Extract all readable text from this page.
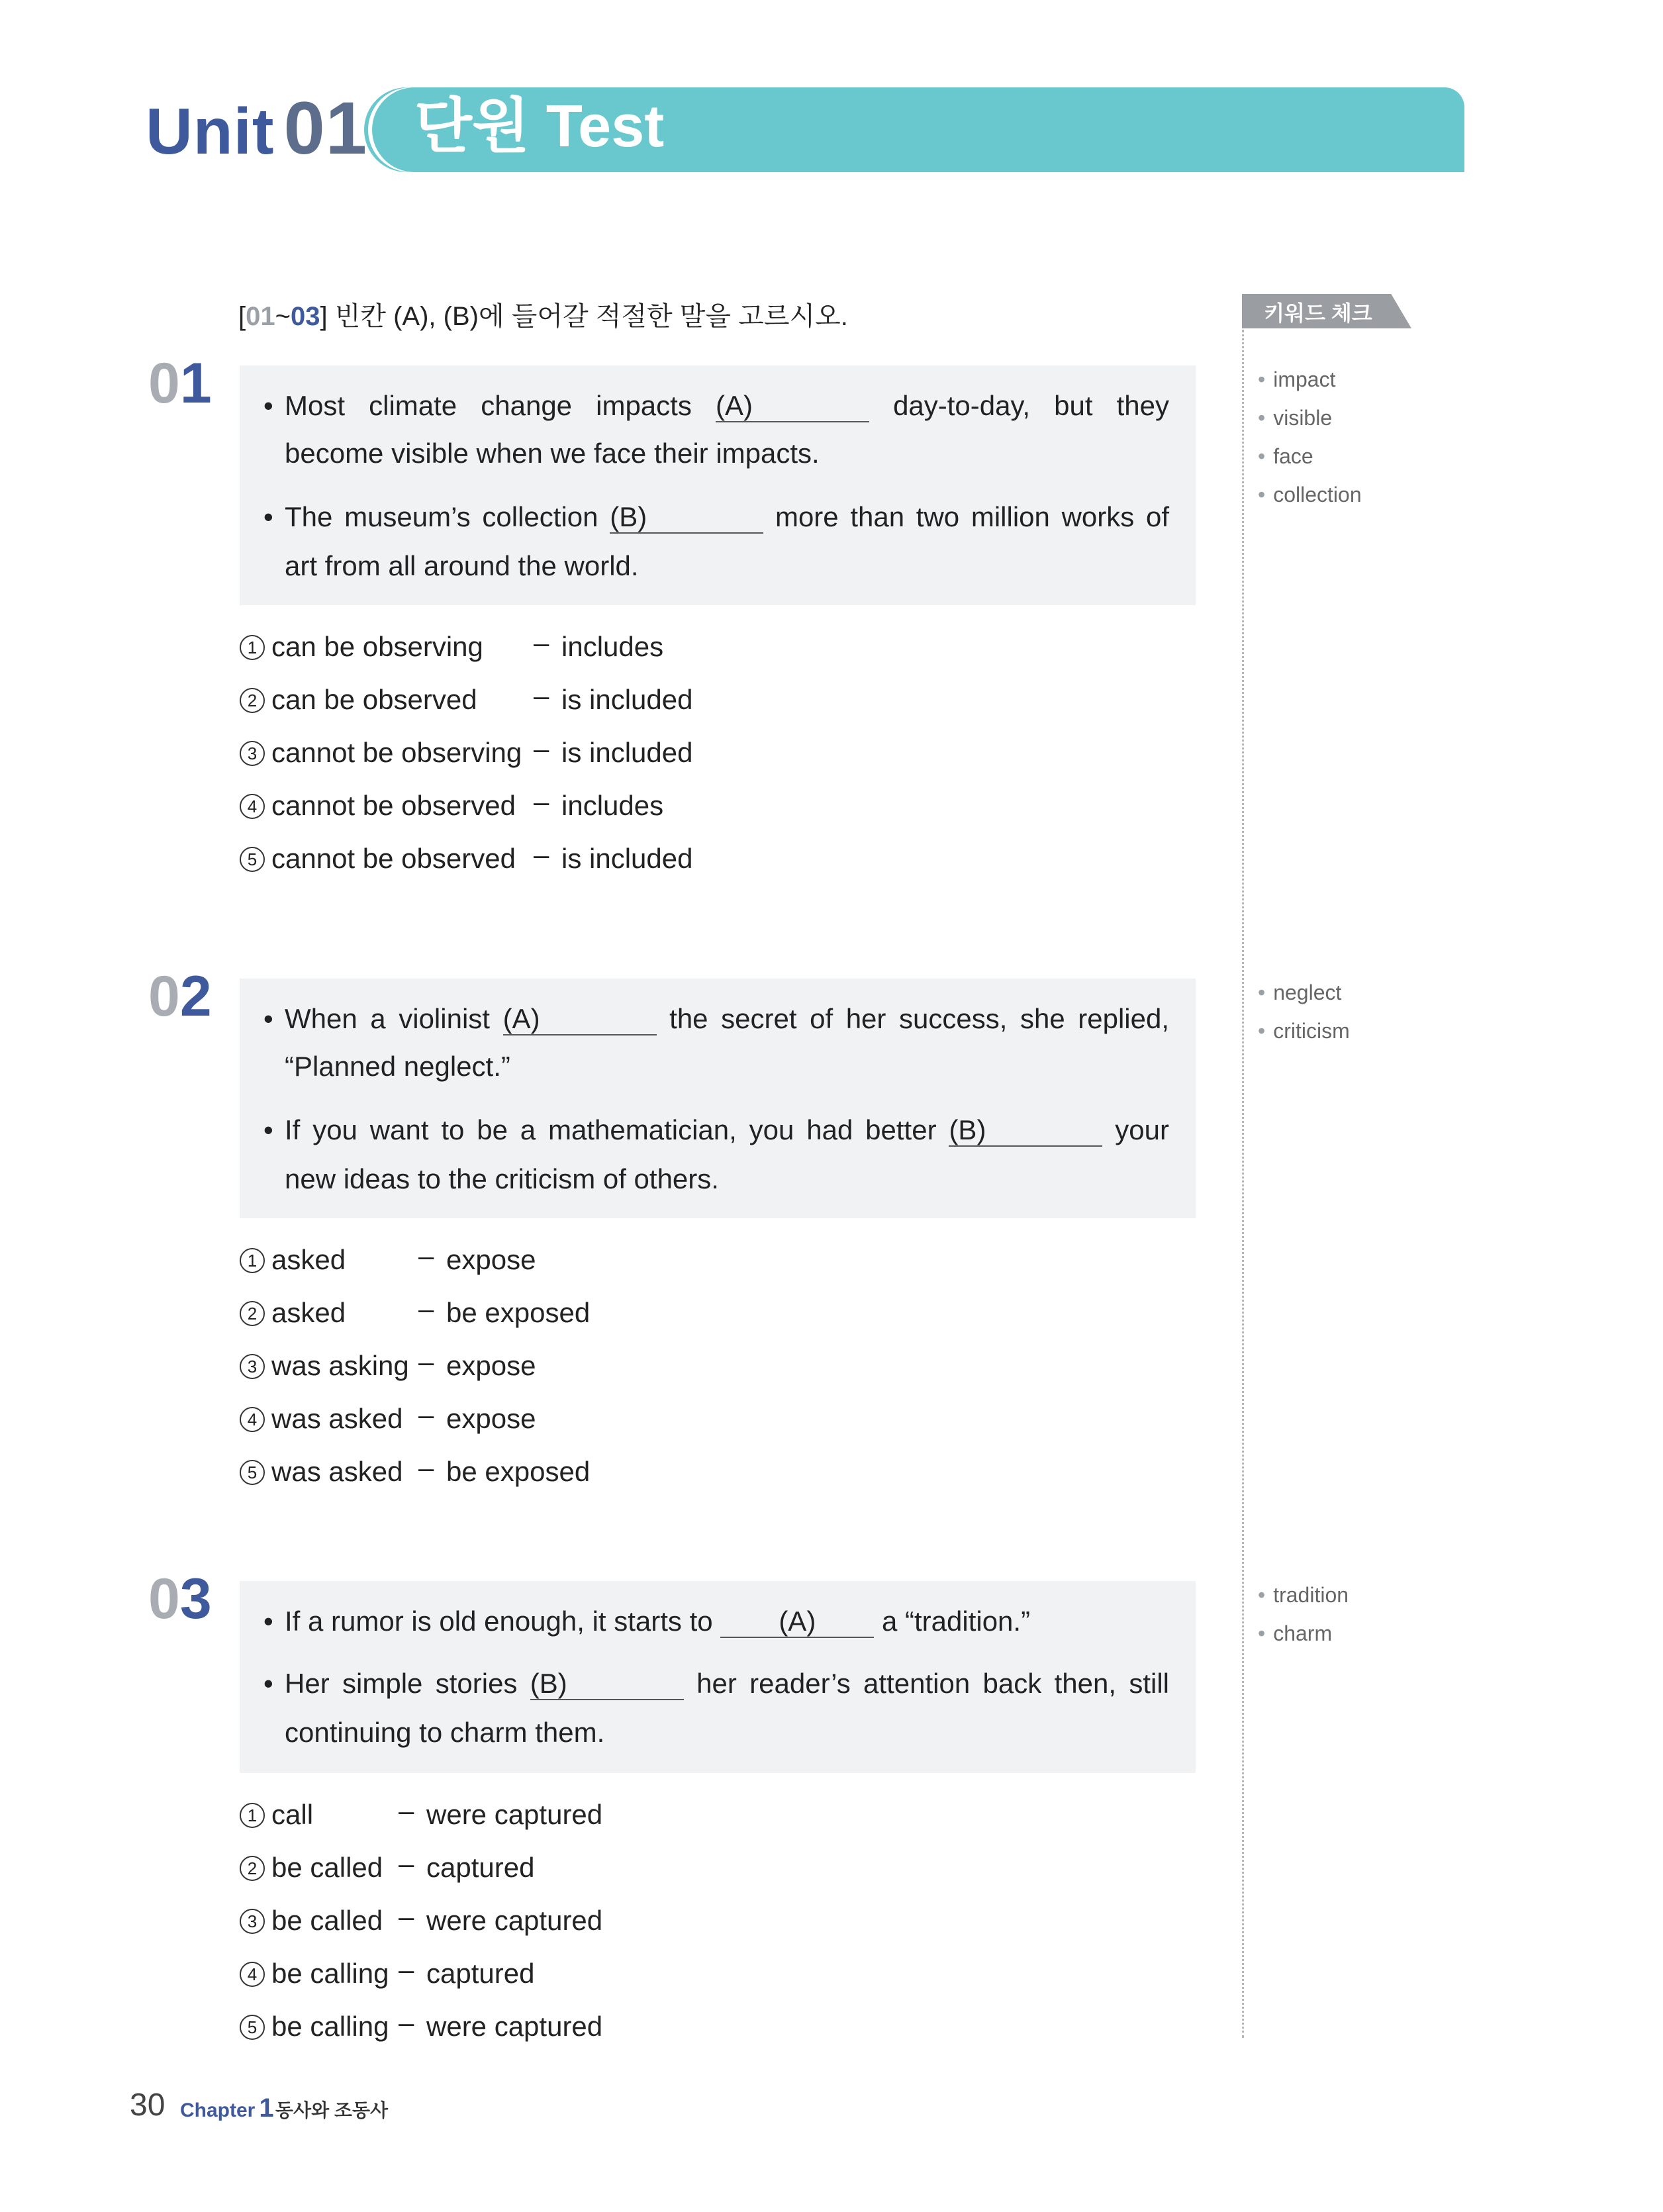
Unit 01 단원 Test
[01~03] 빈칸 (A), (B)에 들어갈 적절한 말을 고르시오.	키워드 체크
• impact
• visible
• face
• collection
• neglect
• criticism
• tradition
• charm
01 • Most climate change impacts (A)	day-to-day, but they
become visible when we face their impacts.
• The museum’s collection (B)	more than two million works of
art from all around the world.
1 can be observing – includes
2 can be observed – is included
3 cannot be observing – is included
4 cannot be observed – includes
5 cannot be observed – is included
02 • When a violinist (A)	the secret of her success, she replied,
“Planned neglect.”
• If you want to be a mathematician, you had better (B)	your
new ideas to the criticism of others.
1 asked	– expose
2 asked	– be exposed
3 was asking – expose
4 was asked – expose
5 was asked – be exposed
03 • If a rumor is old enough, it starts to (A) a “tradition.”
• Her simple stories (B)	her reader’s attention back then, still
continuing to charm them.
1 call	– were captured
2 be called – captured
3 be called – were captured
4 be calling – captured
5 be calling – were captured
30 Chapter 1 동사와 조동사
